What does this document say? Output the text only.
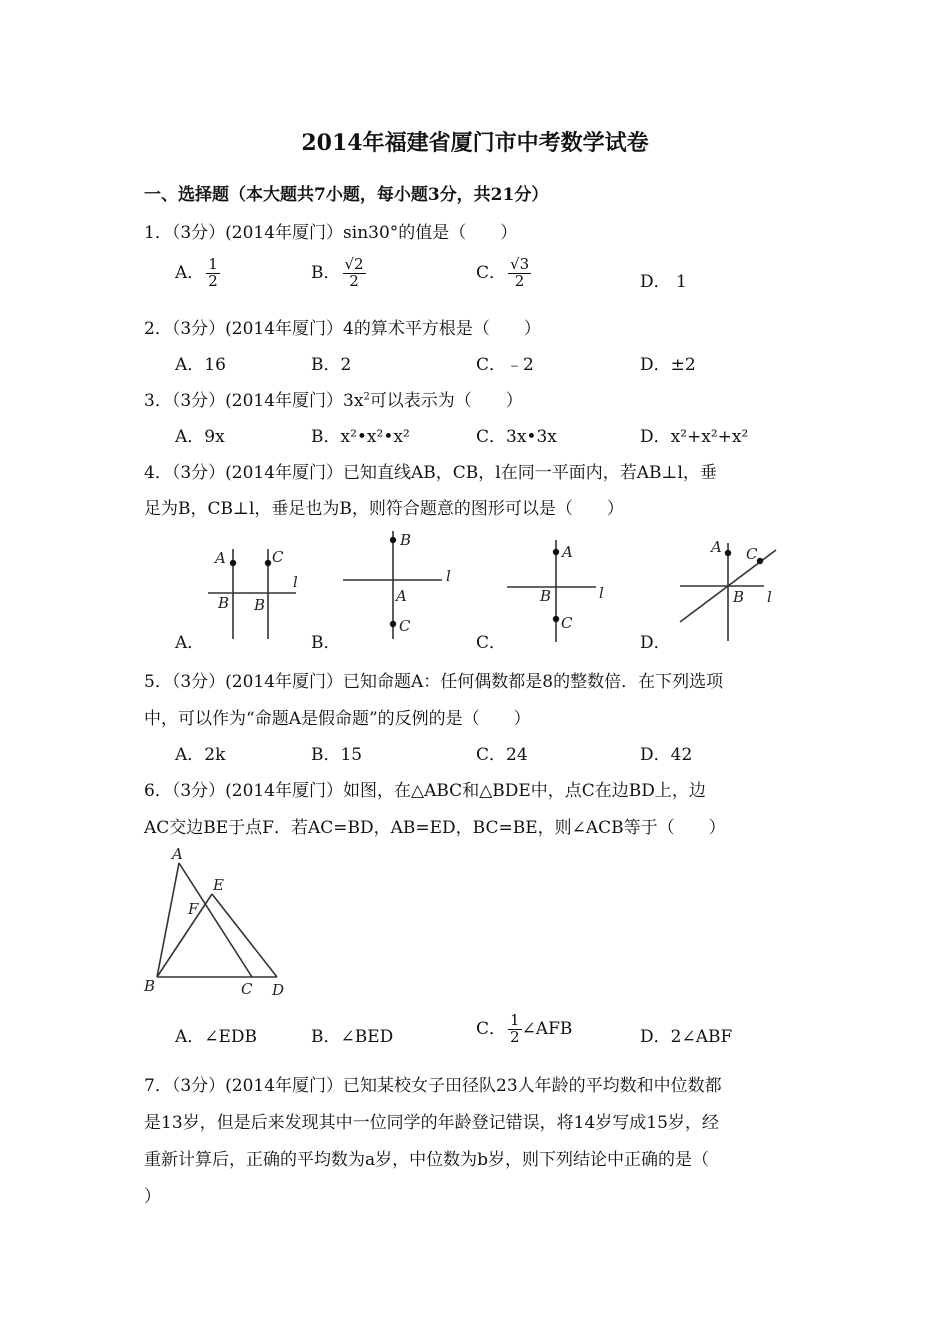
2014年福建省厦门市中考数学试卷
一、选择题（本大题共7小题，每小题3分，共21分）
1．（3分）(2014年厦门）sin30°的值是（　　）
A． $\frac{1}{2}$	B． $\frac{√2}{2}$	C． $\frac{√3}{2}$	D． 1
2．（3分）(2014年厦门）4的算术平方根是（　　）
A．16	B．2	C．﹣2	D．±2
3．（3分）(2014年厦门）$3x^2$可以表示为（　　）
A．9x	B．x²•x²•x²	C．3x•3x	D．x²+x²+x²
4．（3分）(2014年厦门）已知直线AB，CB，l在同一平面内，若AB⊥l，垂
足为B，CB⊥l，垂足也为B，则符合题意的图形可以是（　　）
A	C
B B
l
B
A
C
l
A
B
C
l
A C
B l
A．	B．	C．	D．
5．（3分）(2014年厦门）已知命题A：任何偶数都是8的整数倍．在下列选项
中，可以作为“命题A是假命题”的反例的是（　　）
A．2k	B．15	C．24	D．42
6．（3分）(2014年厦门）如图，在△ABC和△BDE中，点C在边BD上，边
AC交边BE于点F．若AC=BD，AB=ED，BC=BE，则∠ACB等于（　　）
A
E
F
B	C D
A．∠EDB	B．∠BED	C． $\frac{1}{2}$ ∠AFB	D．2∠ABF
7．（3分）(2014年厦门）已知某校女子田径队23人年龄的平均数和中位数都
是13岁，但是后来发现其中一位同学的年龄登记错误，将14岁写成15岁，经
重新计算后，正确的平均数为a岁，中位数为b岁，则下列结论中正确的是（
）
